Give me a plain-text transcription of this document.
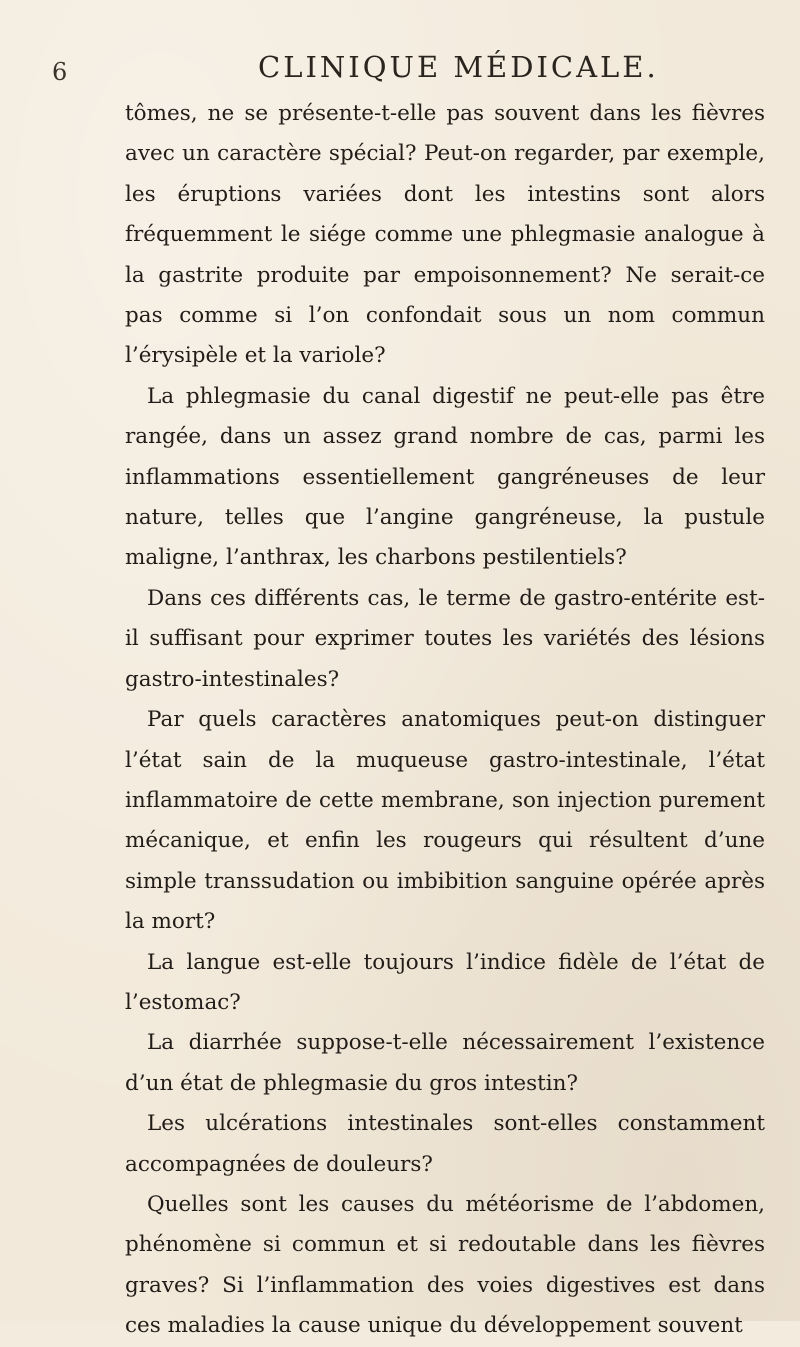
6	CLINIQUE MÉDICALE.

tômes, ne se présente-t-elle pas souvent dans les fièvres avec un caractère spécial? Peut-on regarder, par exemple, les éruptions variées dont les intestins sont alors fréquemment le siége comme une phlegmasie analogue à la gastrite produite par empoisonnement? Ne serait-ce pas comme si l’on confondait sous un nom commun l’érysipèle et la variole?

La phlegmasie du canal digestif ne peut-elle pas être rangée, dans un assez grand nombre de cas, parmi les inflammations essentiellement gangréneuses de leur nature, telles que l’angine gangréneuse, la pustule maligne, l’anthrax, les charbons pestilentiels?

Dans ces différents cas, le terme de gastro-entérite est-il suffisant pour exprimer toutes les variétés des lésions gastro-intestinales?

Par quels caractères anatomiques peut-on distinguer l’état sain de la muqueuse gastro-intestinale, l’état inflammatoire de cette membrane, son injection purement mécanique, et enfin les rougeurs qui résultent d’une simple transsudation ou imbibition sanguine opérée après la mort?

La langue est-elle toujours l’indice fidèle de l’état de l’estomac?

La diarrhée suppose-t-elle nécessairement l’existence d’un état de phlegmasie du gros intestin?

Les ulcérations intestinales sont-elles constamment accompagnées de douleurs?

Quelles sont les causes du météorisme de l’abdomen, phénomène si commun et si redoutable dans les fièvres graves? Si l’inflammation des voies digestives est dans ces maladies la cause unique du développement souvent
